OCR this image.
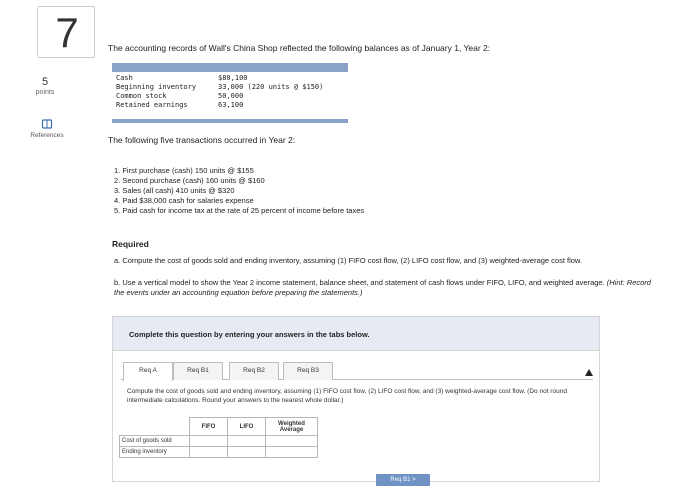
7
5
points
References
The accounting records of Wall's China Shop reflected the following balances as of January 1, Year 2:
Cash	$80,100
Beginning inventory	33,000 (220 units @ $150)
Common stock	50,000
Retained earnings	63,100
The following five transactions occurred in Year 2:
1. First purchase (cash) 150 units @ $155
2. Second purchase (cash) 160 units @ $160
3. Sales (all cash) 410 units @ $320
4. Paid $38,000 cash for salaries expense
5. Paid cash for income tax at the rate of 25 percent of income before taxes
Required
a. Compute the cost of goods sold and ending inventory, assuming (1) FIFO cost flow, (2) LIFO cost flow, and (3) weighted-average cost flow.
b. Use a vertical model to show the Year 2 income statement, balance sheet, and statement of cash flows under FIFO, LIFO, and weighted average. (Hint: Record the events under an accounting equation before preparing the statements.)
Complete this question by entering your answers in the tabs below.
Req A	Req B1	Req B2	Req B3
Compute the cost of goods sold and ending inventory, assuming (1) FIFO cost flow, (2) LIFO cost flow, and (3) weighted-average cost flow. (Do not round intermediate calculations. Round your answers to the nearest whole dollar.)
	FIFO	LIFO	Weighted Average
Cost of goods sold			
Ending inventory			
Req B1 >
